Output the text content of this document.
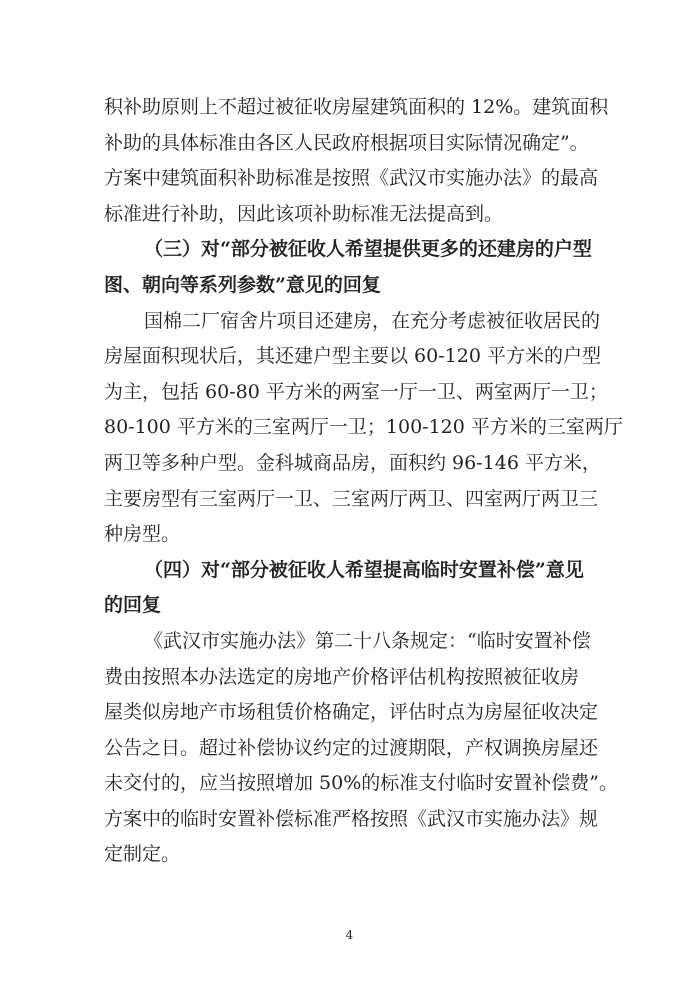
积补助原则上不超过被征收房屋建筑面积的 12%。建筑面积
补助的具体标准由各区人民政府根据项目实际情况确定”。
方案中建筑面积补助标准是按照《武汉市实施办法》的最高
标准进行补助，因此该项补助标准无法提高到。
（三）对“部分被征收人希望提供更多的还建房的户型
图、朝向等系列参数”意见的回复
国棉二厂宿舍片项目还建房，在充分考虑被征收居民的
房屋面积现状后，其还建户型主要以 60-120 平方米的户型
为主，包括 60-80 平方米的两室一厅一卫、两室两厅一卫；
80-100 平方米的三室两厅一卫；100-120 平方米的三室两厅
两卫等多种户型。金科城商品房，面积约 96-146 平方米，
主要房型有三室两厅一卫、三室两厅两卫、四室两厅两卫三
种房型。
（四）对“部分被征收人希望提高临时安置补偿”意见
的回复
《武汉市实施办法》第二十八条规定：“临时安置补偿
费由按照本办法选定的房地产价格评估机构按照被征收房
屋类似房地产市场租赁价格确定，评估时点为房屋征收决定
公告之日。超过补偿协议约定的过渡期限，产权调换房屋还
未交付的，应当按照增加 50%的标准支付临时安置补偿费”。
方案中的临时安置补偿标准严格按照《武汉市实施办法》规
定制定。
4
